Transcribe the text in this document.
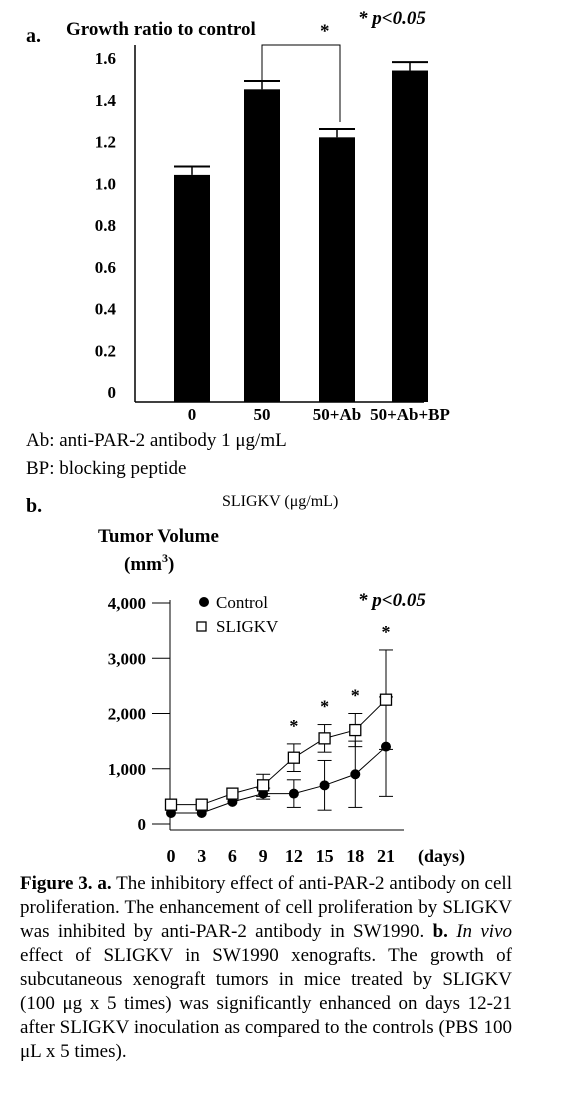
a. Growth ratio to control
* p<0.05
0
0.2
0.4
0.6
0.8
1.0
1.2
1.4
1.6
0	50 50+Ab 50+Ab+BP
*
Ab: anti-PAR-2 antibody 1 μg/mL
BP: blocking peptide
b.	SLIGKV (μg/mL)
Tumor Volume
$(mm^3)$
* p<0.05
0
1,000
2,000
3,000
4,000
0 3 6 9 12 15 18 21
*
*
*
*
Control
SLIGKV
(days)
Figure 3. a. The inhibitory effect of anti-PAR-2 antibody on cell proliferation. The enhancement of cell proliferation by SLIGKV was inhibited by anti-PAR-2 antibody in SW1990. b. In vivo effect of SLIGKV in SW1990 xenografts. The growth of subcutaneous xenograft tumors in mice treated by SLIGKV (100 μg x 5 times) was significantly enhanced on days 12-21 after SLIGKV inoculation as compared to the controls (PBS 100 μL x 5 times).
